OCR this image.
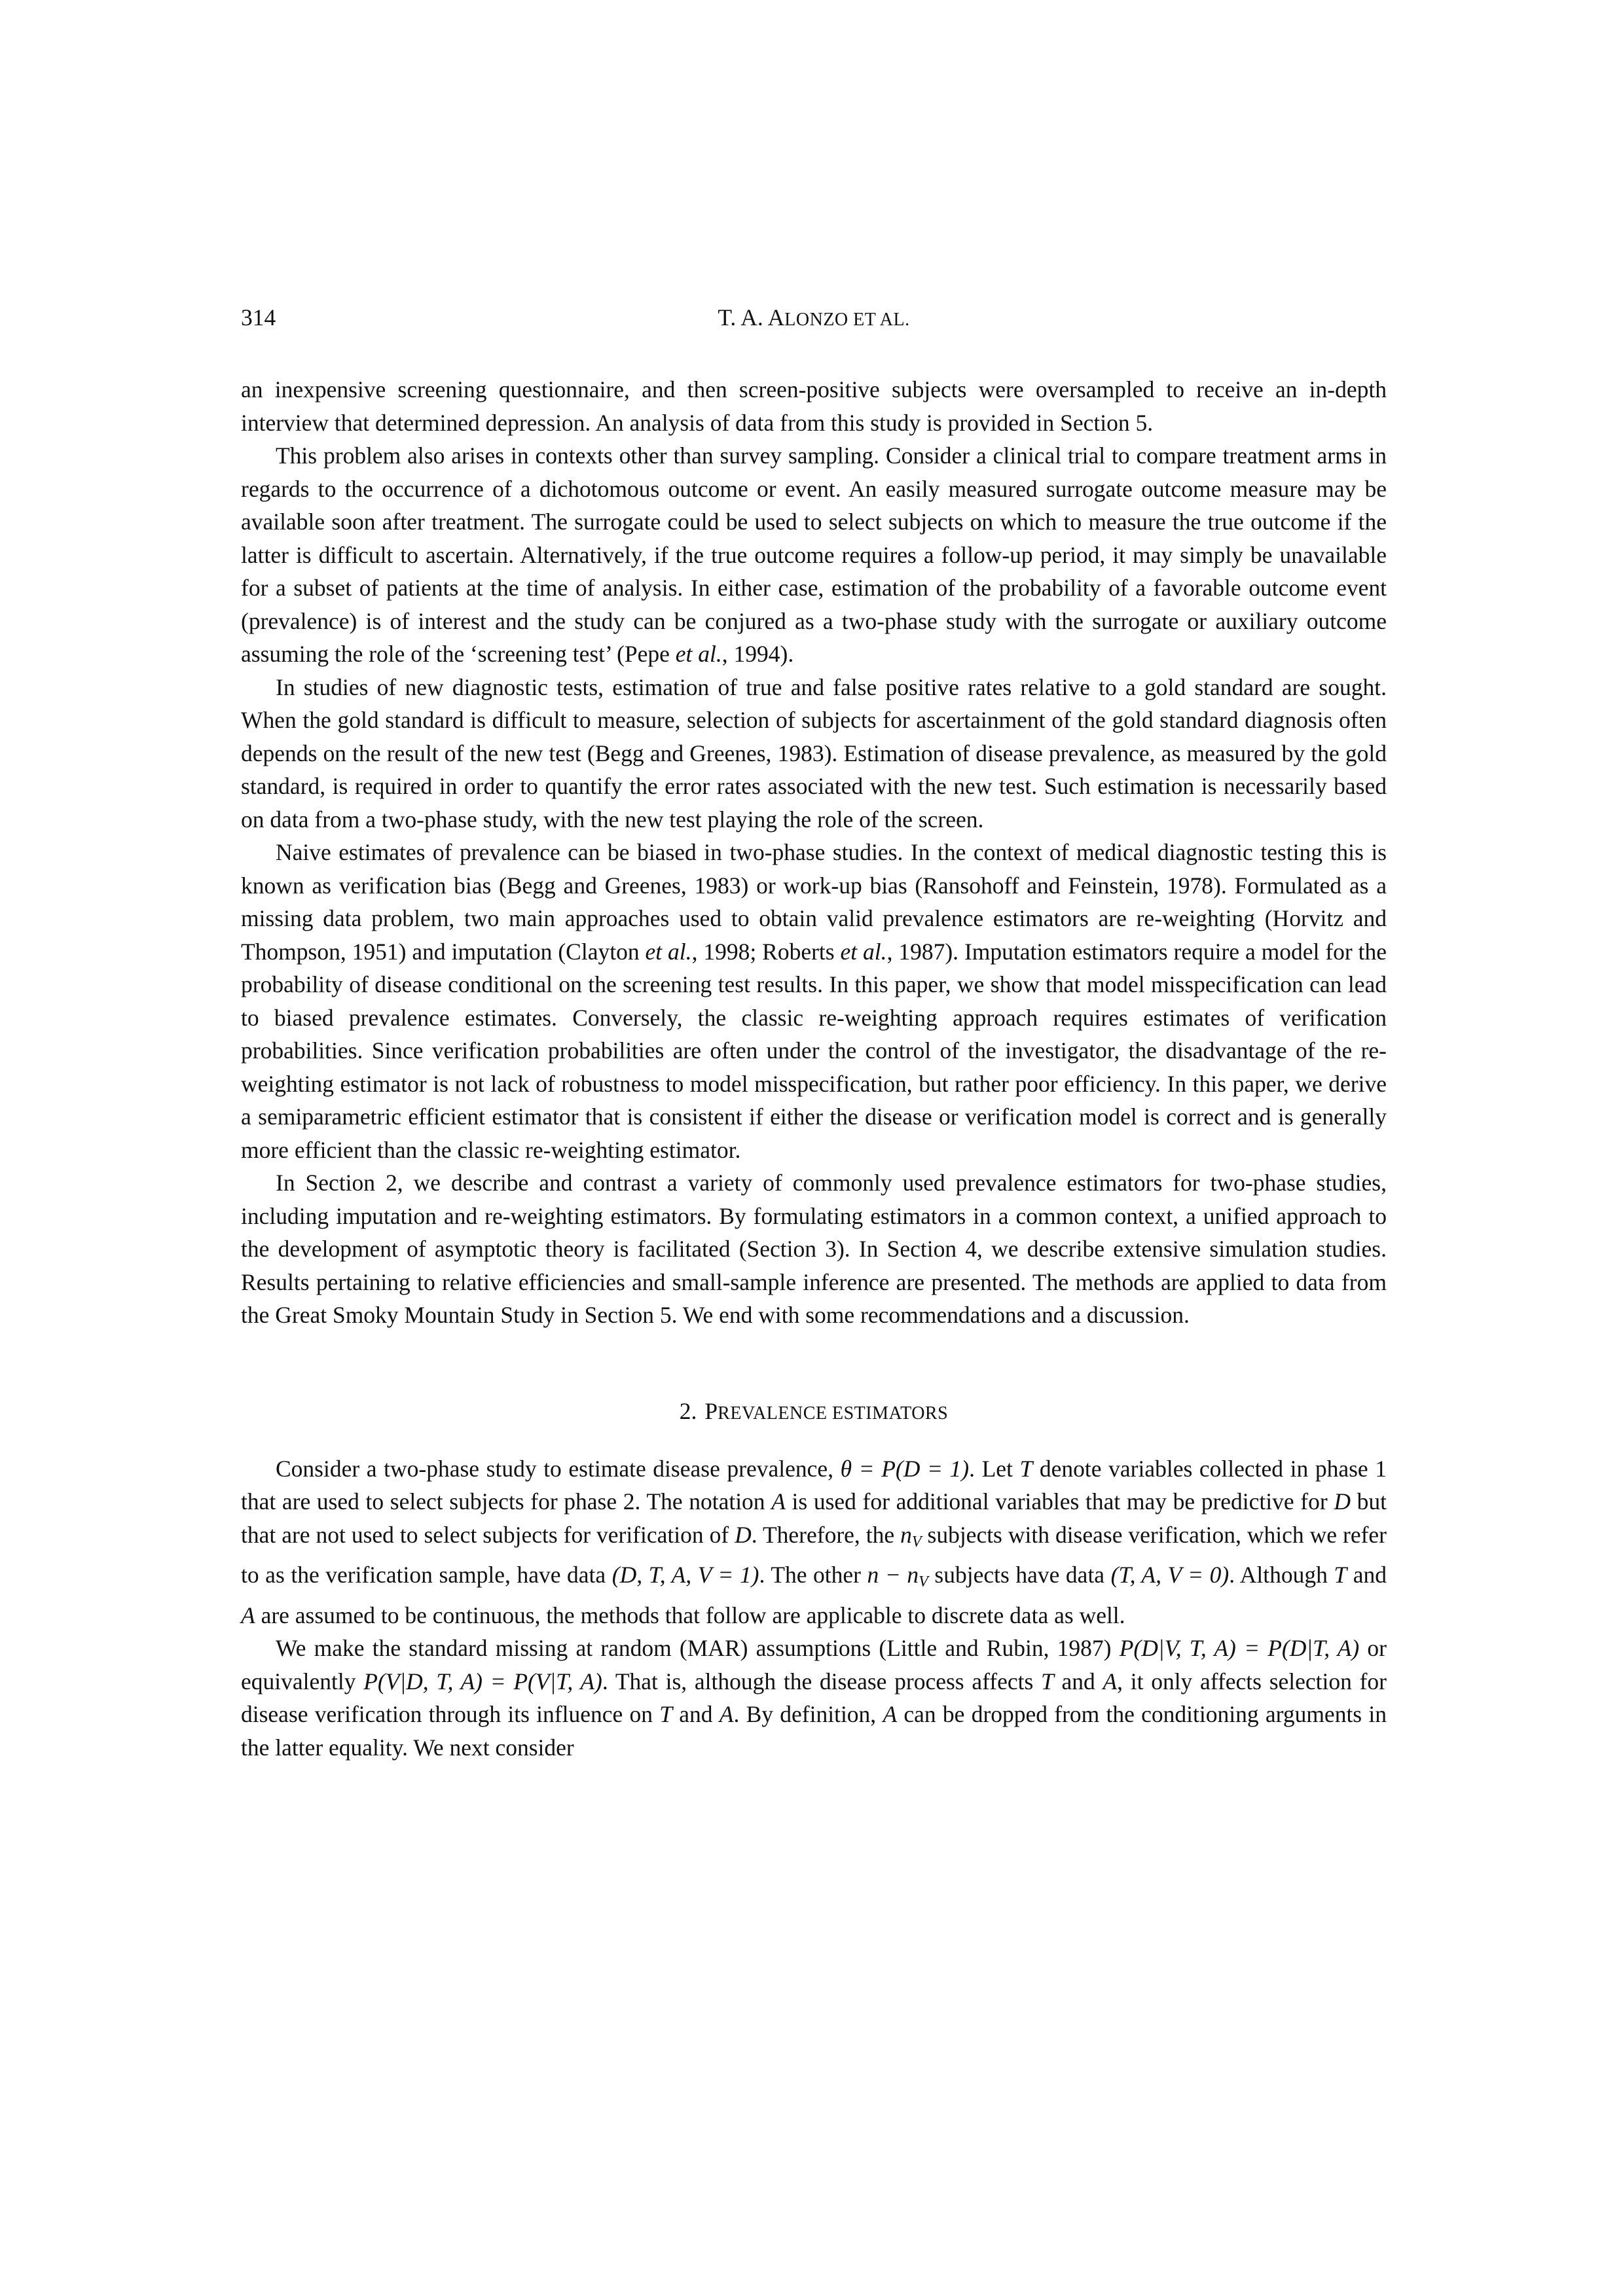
314	T. A. ALONZO ET AL.

an inexpensive screening questionnaire, and then screen-positive subjects were oversampled to receive an in-depth interview that determined depression. An analysis of data from this study is provided in Section 5.

This problem also arises in contexts other than survey sampling. Consider a clinical trial to compare treatment arms in regards to the occurrence of a dichotomous outcome or event. An easily measured surrogate outcome measure may be available soon after treatment. The surrogate could be used to select subjects on which to measure the true outcome if the latter is difficult to ascertain. Alternatively, if the true outcome requires a follow-up period, it may simply be unavailable for a subset of patients at the time of analysis. In either case, estimation of the probability of a favorable outcome event (prevalence) is of interest and the study can be conjured as a two-phase study with the surrogate or auxiliary outcome assuming the role of the ‘screening test’ (Pepe et al., 1994).

In studies of new diagnostic tests, estimation of true and false positive rates relative to a gold standard are sought. When the gold standard is difficult to measure, selection of subjects for ascertainment of the gold standard diagnosis often depends on the result of the new test (Begg and Greenes, 1983). Estimation of disease prevalence, as measured by the gold standard, is required in order to quantify the error rates associated with the new test. Such estimation is necessarily based on data from a two-phase study, with the new test playing the role of the screen.

Naive estimates of prevalence can be biased in two-phase studies. In the context of medical diagnostic testing this is known as verification bias (Begg and Greenes, 1983) or work-up bias (Ransohoff and Feinstein, 1978). Formulated as a missing data problem, two main approaches used to obtain valid prevalence estimators are re-weighting (Horvitz and Thompson, 1951) and imputation (Clayton et al., 1998; Roberts et al., 1987). Imputation estimators require a model for the probability of disease conditional on the screening test results. In this paper, we show that model misspecification can lead to biased prevalence estimates. Conversely, the classic re-weighting approach requires estimates of verification probabilities. Since verification probabilities are often under the control of the investigator, the disadvantage of the re-weighting estimator is not lack of robustness to model misspecification, but rather poor efficiency. In this paper, we derive a semiparametric efficient estimator that is consistent if either the disease or verification model is correct and is generally more efficient than the classic re-weighting estimator.

In Section 2, we describe and contrast a variety of commonly used prevalence estimators for two-phase studies, including imputation and re-weighting estimators. By formulating estimators in a common context, a unified approach to the development of asymptotic theory is facilitated (Section 3). In Section 4, we describe extensive simulation studies. Results pertaining to relative efficiencies and small-sample inference are presented. The methods are applied to data from the Great Smoky Mountain Study in Section 5. We end with some recommendations and a discussion.

2. PREVALENCE ESTIMATORS

Consider a two-phase study to estimate disease prevalence, θ = P(D = 1). Let T denote variables collected in phase 1 that are used to select subjects for phase 2. The notation A is used for additional variables that may be predictive for D but that are not used to select subjects for verification of D. Therefore, the $n_V$ subjects with disease verification, which we refer to as the verification sample, have data (D, T, A, V = 1). The other $n - n_V$ subjects have data (T, A, V = 0). Although T and A are assumed to be continuous, the methods that follow are applicable to discrete data as well.

We make the standard missing at random (MAR) assumptions (Little and Rubin, 1987) P(D|V, T, A) = P(D|T, A) or equivalently P(V|D, T, A) = P(V|T, A). That is, although the disease process affects T and A, it only affects selection for disease verification through its influence on T and A. By definition, A can be dropped from the conditioning arguments in the latter equality. We next consider
